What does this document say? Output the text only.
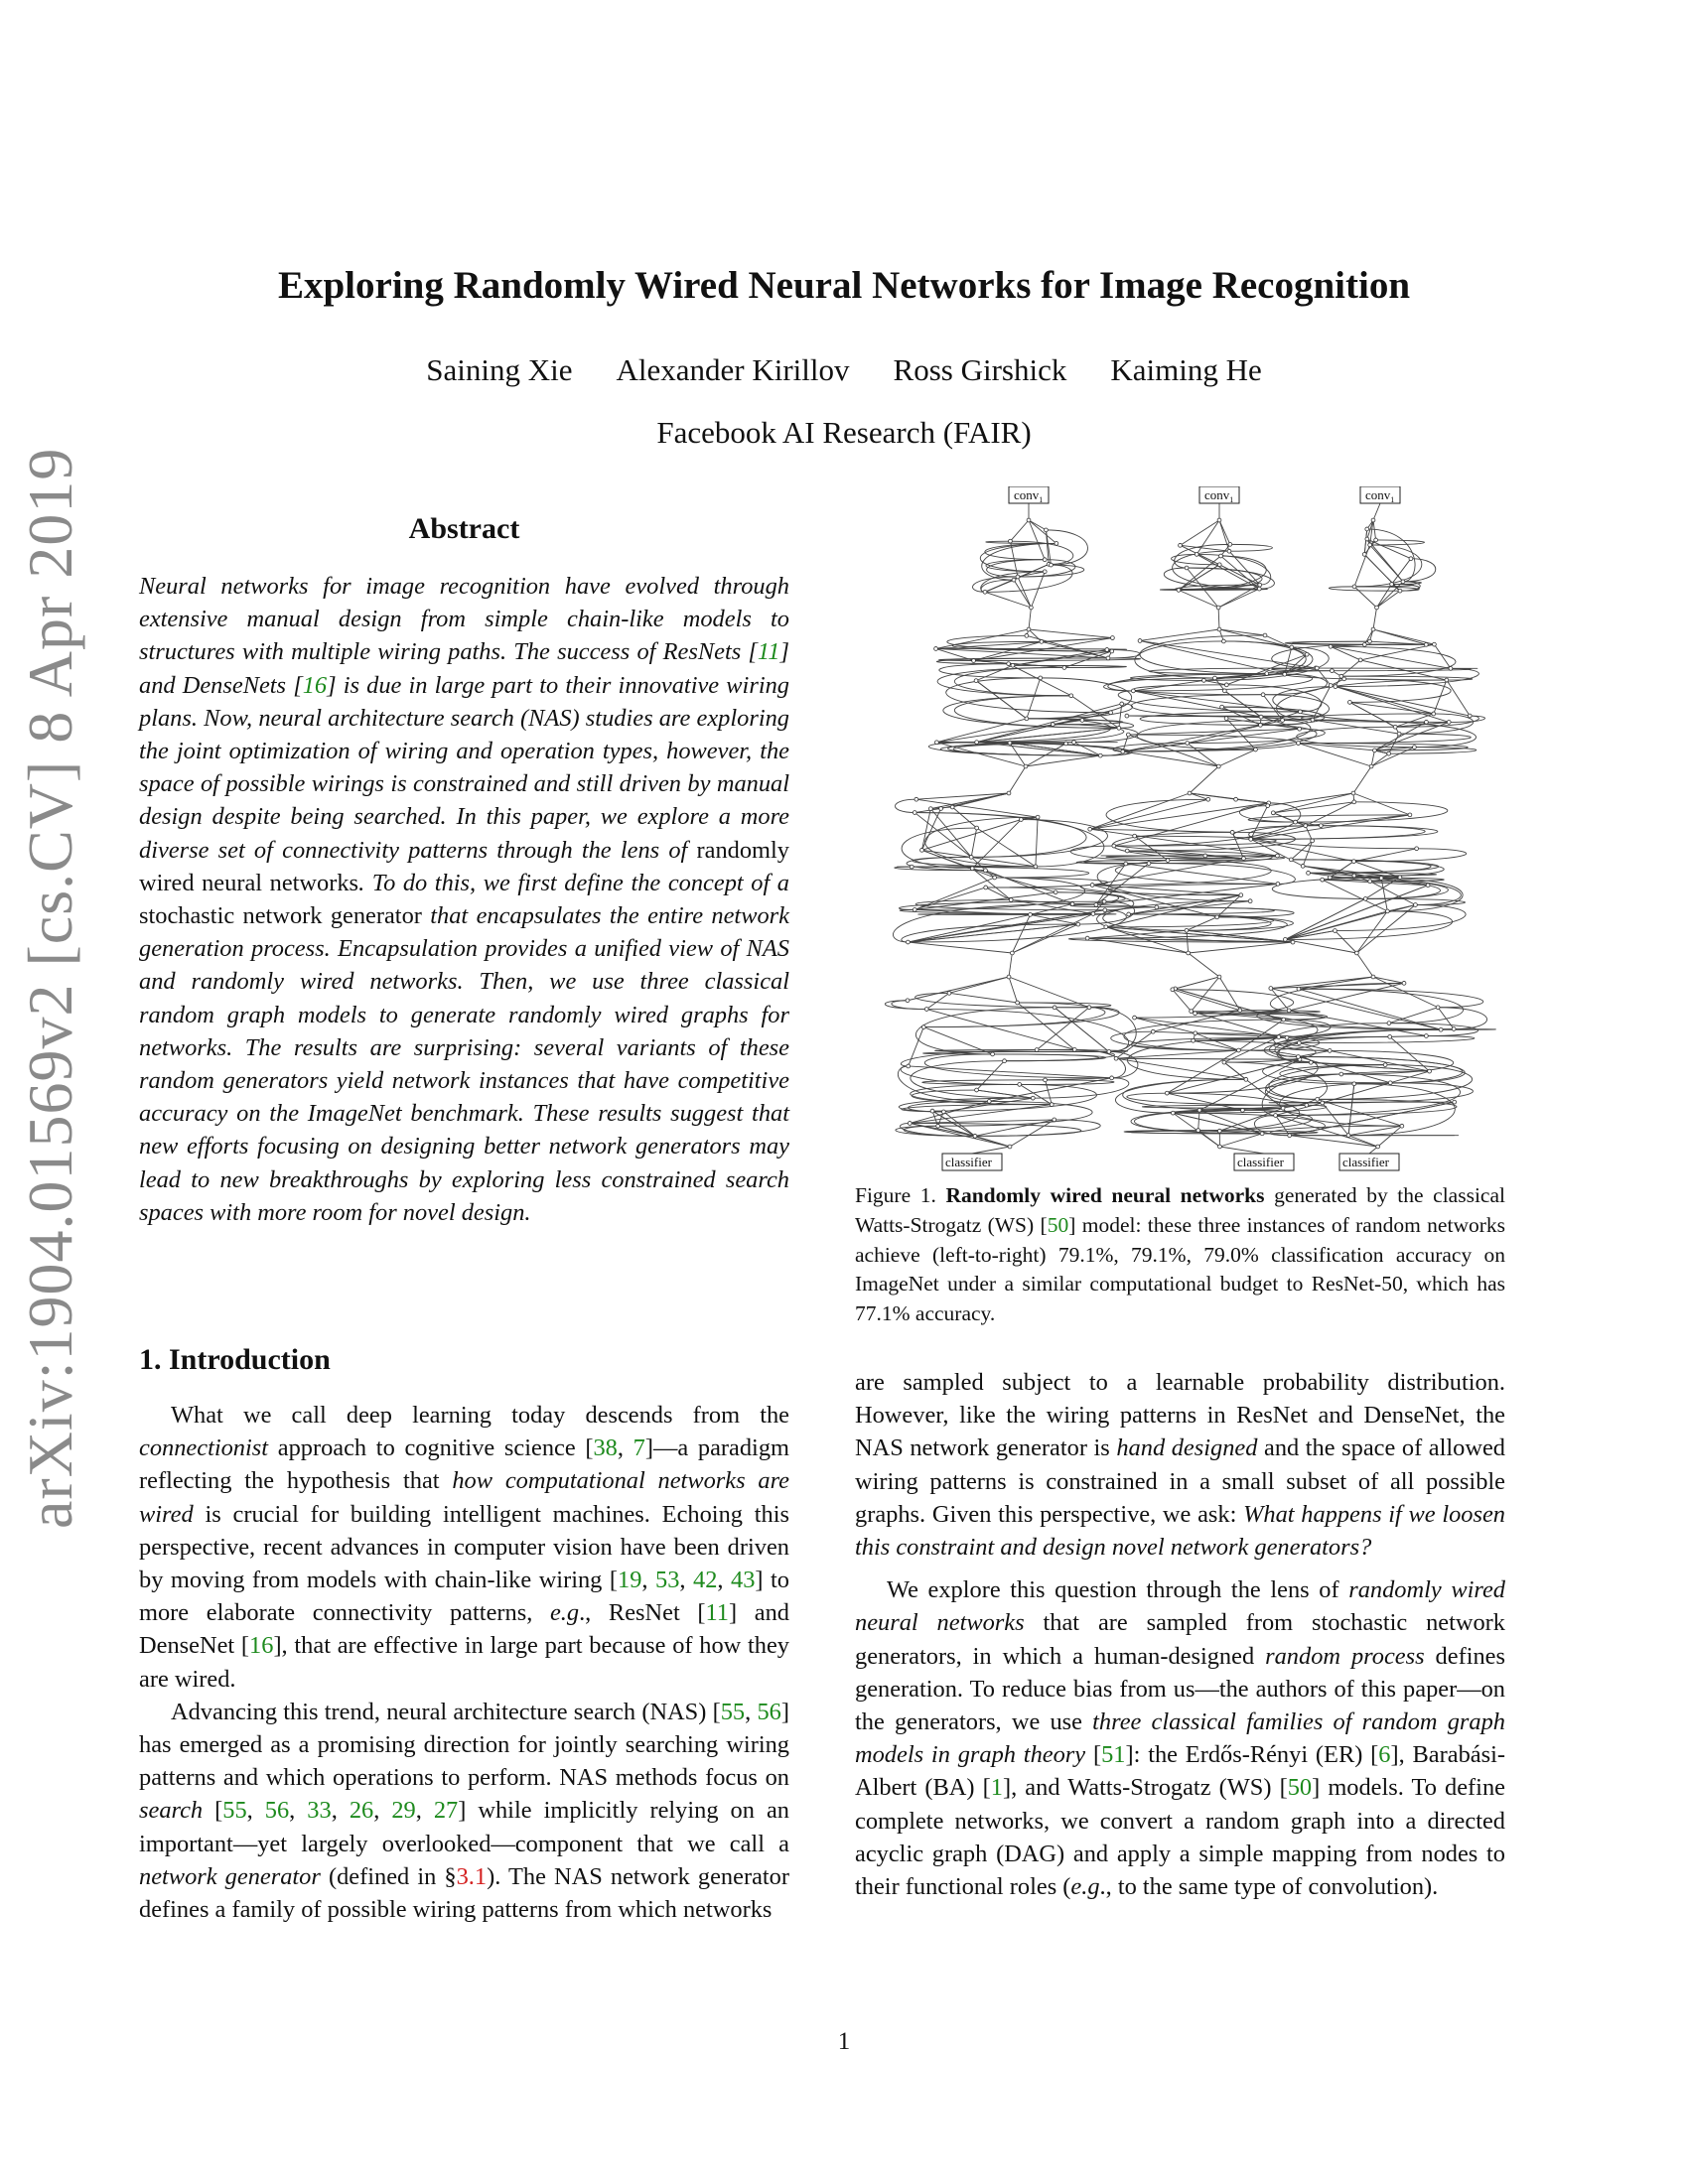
arXiv:1904.01569v2 [cs.CV] 8 Apr 2019
Exploring Randomly Wired Neural Networks for Image Recognition
Saining Xie Alexander Kirillov Ross Girshick Kaiming He
Facebook AI Research (FAIR)
Abstract

Neural networks for image recognition have evolved through extensive manual design from simple chain-like models to structures with multiple wiring paths. The success of ResNets [11] and DenseNets [16] is due in large part to their innovative wiring plans. Now, neural architecture search (NAS) studies are exploring the joint optimization of wiring and operation types, however, the space of possible wirings is constrained and still driven by manual design despite being searched. In this paper, we explore a more diverse set of connectivity patterns through the lens of randomly wired neural networks. To do this, we first define the concept of a stochastic network generator that encapsulates the entire network generation process. Encapsulation provides a unified view of NAS and randomly wired networks. Then, we use three classical random graph models to generate randomly wired graphs for networks. The results are surprising: several variants of these random generators yield network instances that have competitive accuracy on the ImageNet benchmark. These results suggest that new efforts focusing on designing better network generators may lead to new breakthroughs by exploring less constrained search spaces with more room for novel design.

1. Introduction

What we call deep learning today descends from the connectionist approach to cognitive science [38, 7]—a paradigm reflecting the hypothesis that how computational networks are wired is crucial for building intelligent machines. Echoing this perspective, recent advances in computer vision have been driven by moving from models with chain-like wiring [19, 53, 42, 43] to more elaborate connectivity patterns, e.g., ResNet [11] and DenseNet [16], that are effective in large part because of how they are wired.

Advancing this trend, neural architecture search (NAS) [55, 56] has emerged as a promising direction for jointly searching wiring patterns and which operations to perform. NAS methods focus on search [55, 56, 33, 26, 29, 27] while implicitly relying on an important—yet largely overlooked—component that we call a network generator (defined in §3.1). The NAS network generator defines a family of possible wiring patterns from which networks

conv$_1$
classifier
conv$_1$
classifier
conv$_1$
classifier
Figure 1. Randomly wired neural networks generated by the classical Watts-Strogatz (WS) [50] model: these three instances of random networks achieve (left-to-right) 79.1%, 79.1%, 79.0% classification accuracy on ImageNet under a similar computational budget to ResNet-50, which has 77.1% accuracy.

are sampled subject to a learnable probability distribution. However, like the wiring patterns in ResNet and DenseNet, the NAS network generator is hand designed and the space of allowed wiring patterns is constrained in a small subset of all possible graphs. Given this perspective, we ask: What happens if we loosen this constraint and design novel network generators?

We explore this question through the lens of randomly wired neural networks that are sampled from stochastic network generators, in which a human-designed random process defines generation. To reduce bias from us—the authors of this paper—on the generators, we use three classical families of random graph models in graph theory [51]: the Erdős-Rényi (ER) [6], Barabási-Albert (BA) [1], and Watts-Strogatz (WS) [50] models. To define complete networks, we convert a random graph into a directed acyclic graph (DAG) and apply a simple mapping from nodes to their functional roles (e.g., to the same type of convolution).

1
